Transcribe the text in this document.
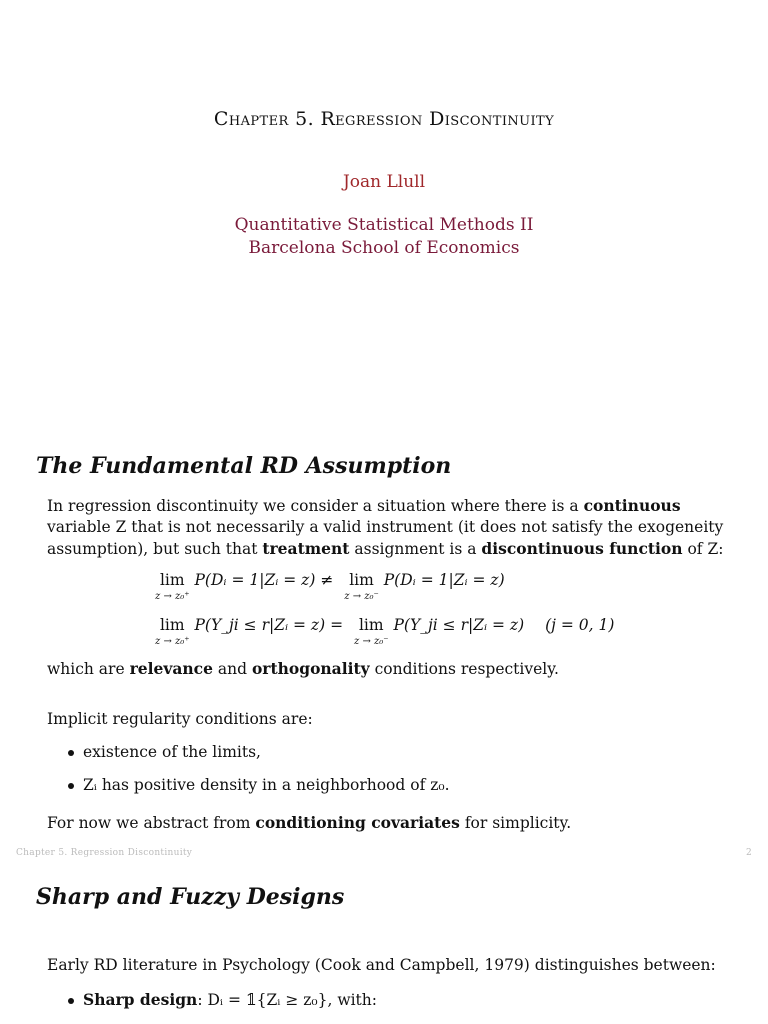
Chapter 5. Regression Discontinuity
Joan Llull
Quantitative Statistical Methods II
Barcelona School of Economics
The Fundamental RD Assumption
In regression discontinuity we consider a situation where there is a continuous variable Z that is not necessarily a valid instrument (it does not satisfy the exogeneity assumption), but such that treatment assignment is a discontinuous function of Z:
lim
z → z₀⁺
P(Dᵢ = 1|Zᵢ = z) ≠	lim
z → z₀⁻
P(Dᵢ = 1|Zᵢ = z)
lim
z → z₀⁺
P(Y_ji ≤ r|Zᵢ = z) =	lim
z → z₀⁻
P(Y_ji ≤ r|Zᵢ = z) (j = 0, 1)
which are relevance and orthogonality conditions respectively.
Implicit regularity conditions are:
existence of the limits,
Zᵢ has positive density in a neighborhood of z₀.
For now we abstract from conditioning covariates for simplicity.
Chapter 5. Regression Discontinuity	2
Sharp and Fuzzy Designs
Early RD literature in Psychology (Cook and Campbell, 1979) distinguishes between:
Sharp design: Dᵢ = 𝟙{Zᵢ ≥ z₀}, with:
